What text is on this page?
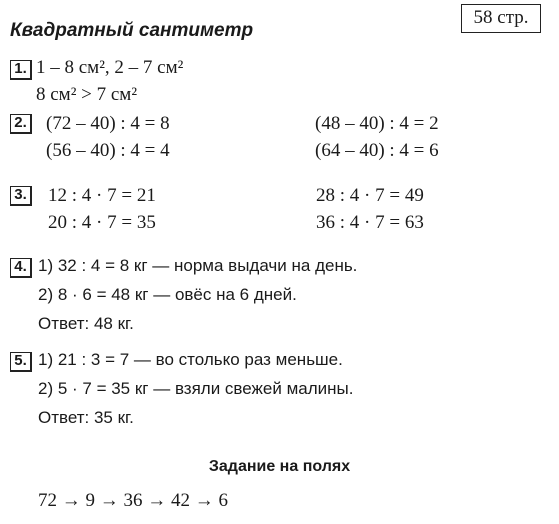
Квадратный сантиметр
58 стр.
1. 1 – 8 см², 2 – 7 см²
8 см² > 7 см²
2. (72 – 40) : 4 = 8
(56 – 40) : 4 = 4
(48 – 40) : 4 = 2
(64 – 40) : 4 = 6
3. 12 : 4 · 7 = 21
20 : 4 · 7 = 35
28 : 4 · 7 = 49
36 : 4 · 7 = 63
4. 1) 32 : 4 = 8 кг — норма выдачи на день.
2) 8 · 6 = 48 кг — овёс на 6 дней.
Ответ: 48 кг.
5. 1) 21 : 3 = 7 — во столько раз меньше.
2) 5 · 7 = 35 кг — взяли свежей малины.
Ответ: 35 кг.
Задание на полях
72 → 9 → 36 → 42 → 6
